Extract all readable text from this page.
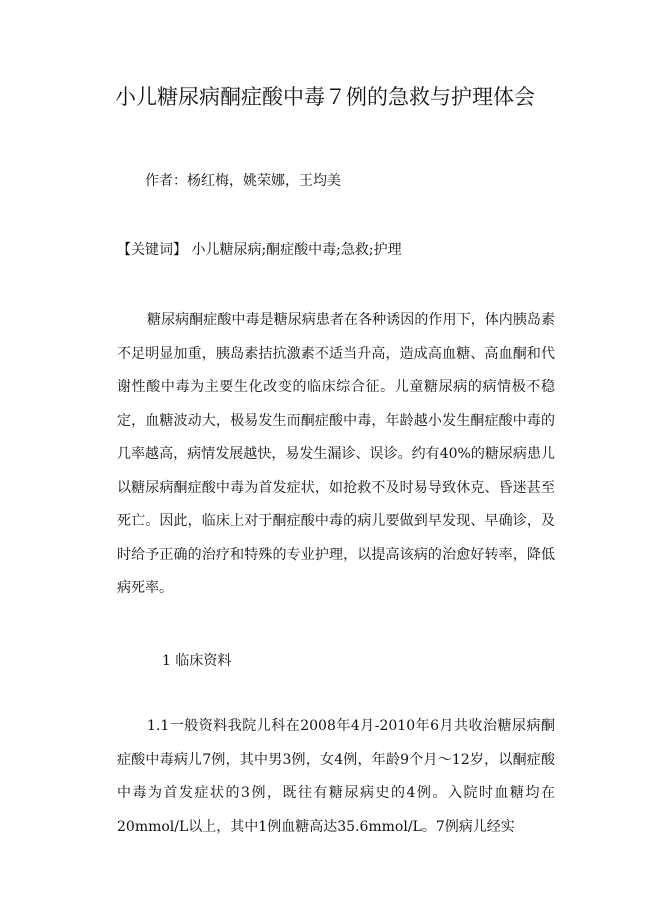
小儿糖尿病酮症酸中毒７例的急救与护理体会
作者：杨红梅，姚荣娜，王均美
【关键词】 小儿糖尿病;酮症酸中毒;急救;护理

糖尿病酮症酸中毒是糖尿病患者在各种诱因的作用下，体内胰岛素不足明显加重，胰岛素拮抗激素不适当升高，造成高血糖、高血酮和代谢性酸中毒为主要生化改变的临床综合征。儿童糖尿病的病情极不稳定，血糖波动大，极易发生而酮症酸中毒，年龄越小发生酮症酸中毒的几率越高，病情发展越快，易发生漏诊、误诊。约有40%的糖尿病患儿以糖尿病酮症酸中毒为首发症状，如抢救不及时易导致休克、昏迷甚至死亡。因此，临床上对于酮症酸中毒的病儿要做到早发现、早确诊，及时给予正确的治疗和特殊的专业护理，以提高该病的治愈好转率，降低病死率。

1 临床资料

1.1一般资料我院儿科在2008年4月-2010年6月共收治糖尿病酮症酸中毒病儿7例，其中男3例，女4例，年龄9个月～12岁，以酮症酸中毒为首发症状的3例，既往有糖尿病史的4例。入院时血糖均在20mmol/L以上，其中1例血糖高达35.6mmol/L。7例病儿经实
